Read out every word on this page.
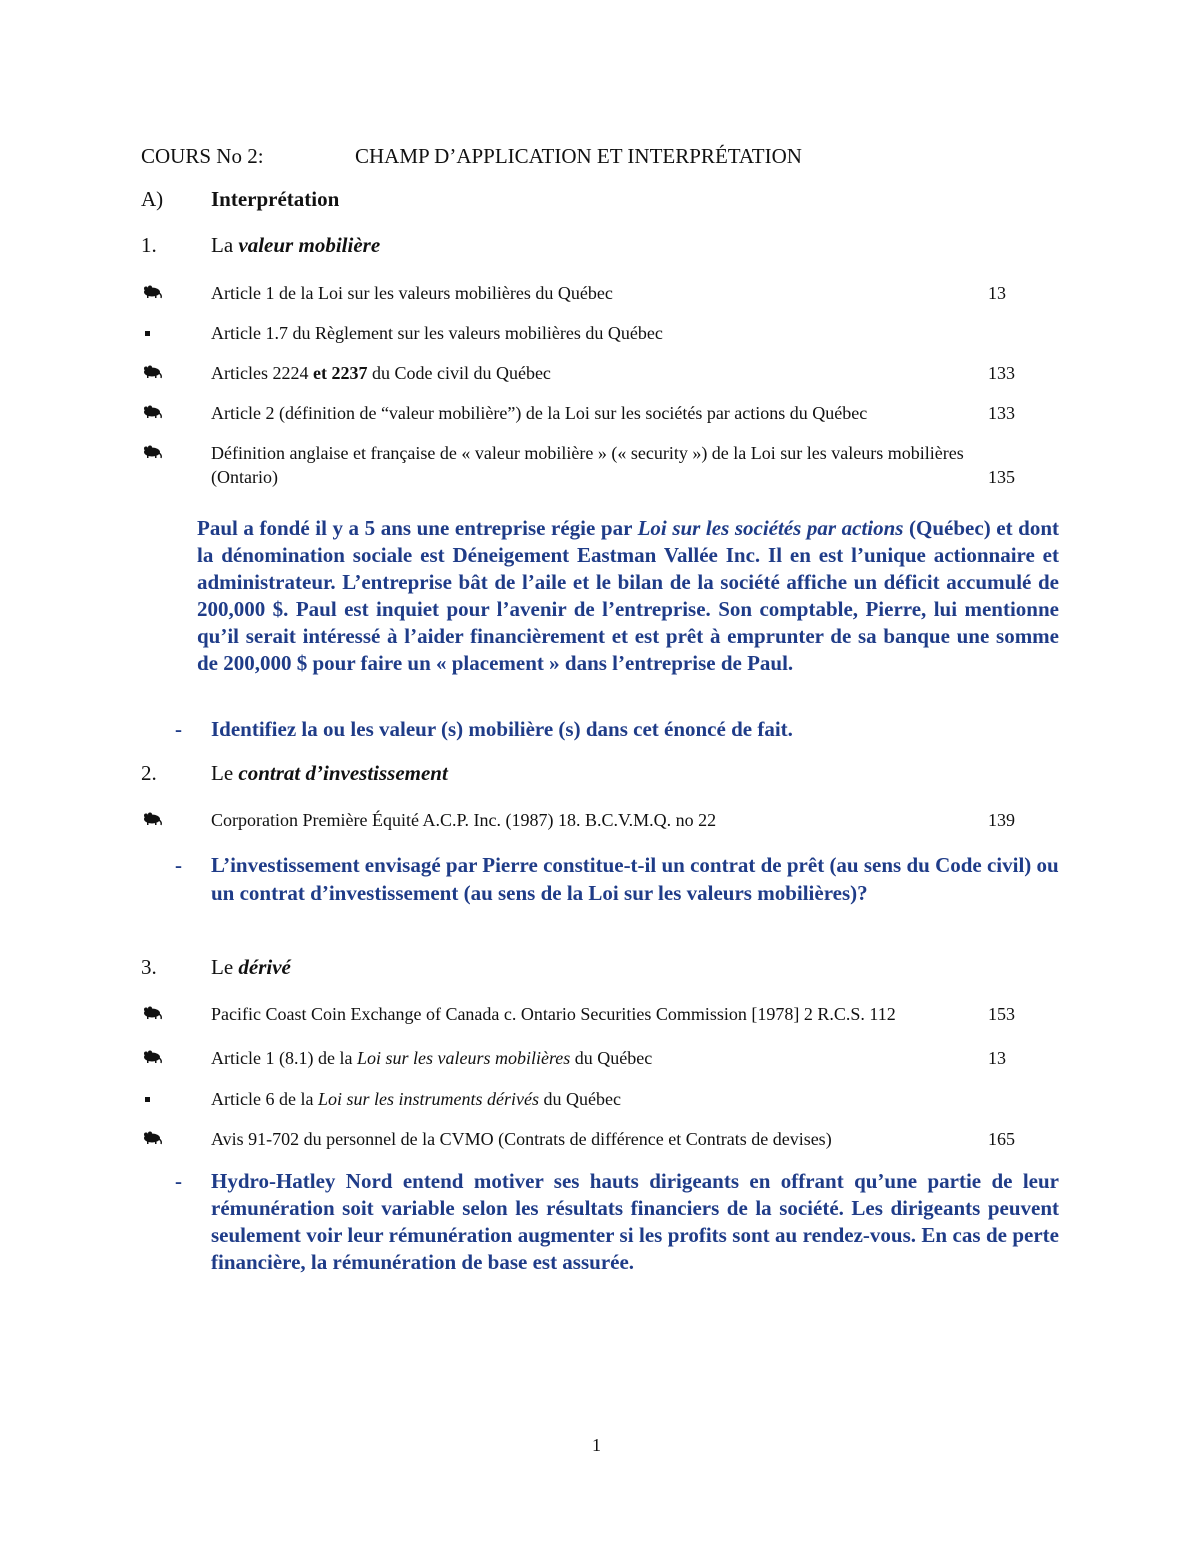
COURS No 2:	CHAMP D’APPLICATION ET INTERPRÉTATION
A) Interprétation
1.	La valeur mobilière
Article 1 de la Loi sur les valeurs mobilières du Québec	13
Article 1.7 du Règlement sur les valeurs mobilières du Québec
Articles 2224 et 2237 du Code civil du Québec	133
Article 2 (définition de “valeur mobilière”) de la Loi sur les sociétés par actions du Québec	133
Définition anglaise et française de « valeur mobilière » (« security ») de la Loi sur les valeurs mobilières
(Ontario)	135
Paul a fondé il y a 5 ans une entreprise régie par Loi sur les sociétés par actions (Québec) et dont la dénomination sociale est Déneigement Eastman Vallée Inc. Il en est l’unique actionnaire et administrateur. L’entreprise bât de l’aile et le bilan de la société affiche un déficit accumulé de 200,000 $. Paul est inquiet pour l’avenir de l’entreprise. Son comptable, Pierre, lui mentionne qu’il serait intéressé à l’aider financièrement et est prêt à emprunter de sa banque une somme de 200,000 $ pour faire un « placement » dans l’entreprise de Paul.
- Identifiez la ou les valeur (s) mobilière (s) dans cet énoncé de fait.
2.	Le contrat d’investissement
Corporation Première Équité A.C.P. Inc. (1987) 18. B.C.V.M.Q. no 22	139
- L’investissement envisagé par Pierre constitue-t-il un contrat de prêt (au sens du Code civil) ou un contrat d’investissement (au sens de la Loi sur les valeurs mobilières)?
3.	Le dérivé
Pacific Coast Coin Exchange of Canada c. Ontario Securities Commission [1978] 2 R.C.S. 112	153
Article 1 (8.1) de la Loi sur les valeurs mobilières du Québec	13
Article 6 de la Loi sur les instruments dérivés du Québec
Avis 91-702 du personnel de la CVMO (Contrats de différence et Contrats de devises)	165
- Hydro-Hatley Nord entend motiver ses hauts dirigeants en offrant qu’une partie de leur rémunération soit variable selon les résultats financiers de la société. Les dirigeants peuvent seulement voir leur rémunération augmenter si les profits sont au rendez-vous. En cas de perte financière, la rémunération de base est assurée.
1
